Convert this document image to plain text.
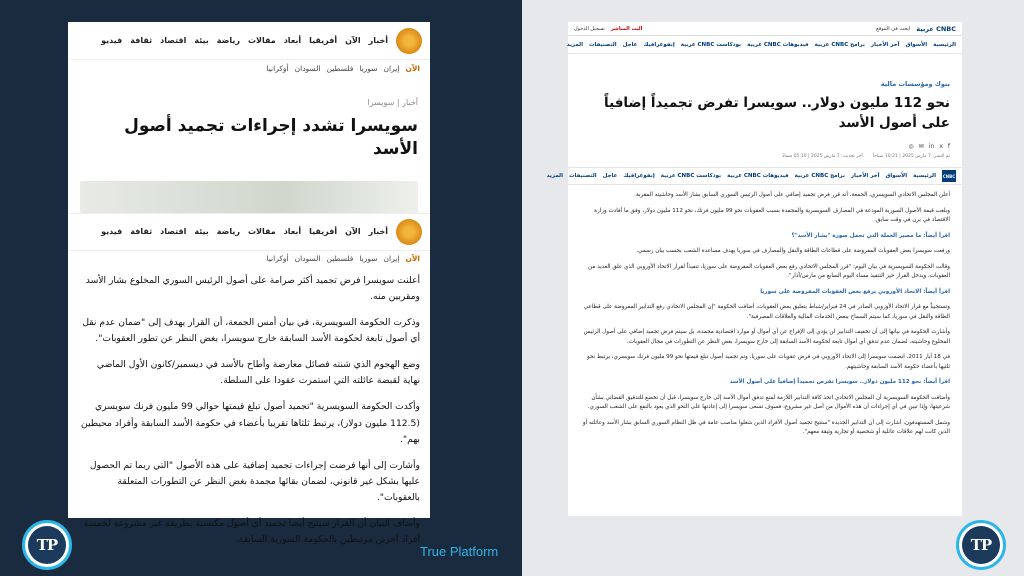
أخبار
الآن
أفريقيا
أبعاد
مقالات
رياضة
بيئة
اقتصاد
ثقافة
فيديو
الآن
إيران
سوريا
فلسطين
السودان
أوكرانيا
أخبار | سويسرا
سويسرا تشدد إجراءات تجميد أصول الأسد
أخبار
الآن
أفريقيا
أبعاد
مقالات
رياضة
بيئة
اقتصاد
ثقافة
فيديو
الآن
إيران
سوريا
فلسطين
السودان
أوكرانيا

أعلنت سويسرا فرض تجميد أكثر صرامة على أصول الرئيس السوري المخلوع بشار الأسد ومقربين منه.

وذكرت الحكومة السويسرية، في بيان أمس الجمعة، أن القرار يهدف إلى "ضمان عدم نقل أي أصول تابعة لحكومة الأسد السابقة خارج سويسرا، بغض النظر عن تطور العقوبات".

وضع الهجوم الذي شنته فصائل معارضة وأطاح بالأسد في ديسمبر/كانون الأول الماضي نهاية لقبضة عائلته التي استمرت عقودا على السلطة.

وأكدت الحكومة السويسرية "تجميد أصول تبلغ قيمتها حوالي 99 مليون فرنك سويسري (112.5 مليون دولار)، يرتبط ثلثاها تقريبا بأعضاء في حكومة الأسد السابقة وأفراد محيطين بهم".

وأشارت إلى أنها فرضت إجراءات تجميد إضافية على هذه الأصول "التي ربما تم الحصول عليها بشكل غير قانوني، لضمان بقائها مجمدة بغض النظر عن التطورات المتعلقة بالعقوبات".

وأضاف البيان أن القرار سيتيح أيضا تجميد أي أصول مكتسبة بطريقة غير مشروعة لخمسة أفراد آخرين مرتبطين بالحكومة السورية السابقة.

CNBC عربية
ابحث في الموقع
البث المباشر
تسجيل الدخول
الرئيسية
الأسواق
آخر الأخبار
برامج CNBC عربية
فيديوهات CNBC عربية
بودكاست CNBC عربية
إنفوغرافيك
عاجل
التصنيفات
المزيد
بنوك ومؤسسات مالية
نحو 112 مليون دولار.. سويسرا تفرض تجميداً إضافياً على أصول الأسد
f
x
in
✉
◎
تم النشر: 7 مارس 2025 | 10:21 صباحاً
آخر تحديث: 7 مارس 2025 | 05:10 مساءً
CNBC
الرئيسية
الأسواق
آخر الأخبار
برامج CNBC عربية
فيديوهات CNBC عربية
بودكاست CNBC عربية
إنفوغرافيك
عاجل
التصنيفات
المزيد

أعلن المجلس الاتحادي السويسري، الجمعة، أنه قرر فرض تجميد إضافي على أصول الرئيس السوري السابق بشار الأسد وحاشيته المقربة.

وبلغت قيمة الأصول السورية المودعة في المصارف السويسرية والمجمدة بسبب العقوبات نحو 99 مليون فرنك، نحو 112 مليون دولار، وفق ما أفادت وزارة الاقتصاد في برن في وقت سابق.

اقرأ أيضاً: ما مصير العملة التي تحمل صورة "بشار الأسد"؟

ورفعت سويسرا بعض العقوبات المفروضة على قطاعات الطاقة والنقل والمصارف في سوريا بهدف مساعدة الشعب بحسب بيان رسمي.

وقالت الحكومة السويسرية في بيان اليوم: "قرر المجلس الاتحادي رفع بعض العقوبات المفروضة على سوريا، تنفيذاً لقرار الاتحاد الأوروبي الذي علق العديد من العقوبات، ويدخل القرار حيز التنفيذ مساء اليوم السابع من مارس/آذار".

اقرأ أيضاً: الاتحاد الأوروبي يرفع بعض العقوبات المفروضة على سوريا

وتستجيباً مع قرار الاتحاد الأوروبي الصادر في 24 فبراير/شباط بتعليق بعض العقوبات، أضافت الحكومة "إن المجلس الاتحادي رفع التدابير المفروضة على قطاعي الطاقة والنقل في سوريا، كما سيتم السماح ببعض الخدمات المالية والعلاقات المصرفية".

وأشارت الحكومة في بيانها إلى أن تخفيف التدابير لن يؤدي إلى الإفراج عن أي أموال أو موارد اقتصادية مجمدة، بل سيتم فرض تجميد إضافي على أصول الرئيس المخلوع وحاشيته، لضمان عدم تدفق أي أموال تابعة لحكومة الأسد السابقة إلى خارج سويسرا، بغض النظر عن التطورات في مجال العقوبات.

في 18 أيار 2011، انضمت سويسرا إلى الاتحاد الأوروبي في فرض عقوبات على سوريا، وتم تجميد أصول تبلغ قيمتها نحو 99 مليون فرنك سويسري، يرتبط نحو ثلثيها بأعضاء حكومة الأسد السابقة وحاشيتهم.

اقرأ أيضاً: نحو 112 مليون دولار.. سويسرا تفرض تجميداً إضافياً على أصول الأسد

وأضافت الحكومة السويسرية أن المجلس الاتحادي اتخذ كافة التدابير اللازمة لمنع تدفق أموال الأسد إلى خارج سويسرا، قبل أن تخضع للتدقيق القضائي بشأن شرعيتها، وإذا تبين في أي إجراءات أن هذه الأموال من أصل غير مشروع، فسوف تسعى سويسرا إلى إعادتها على النحو الذي يعود بالنفع على الشعب السوري.

وشمل المستهدفون، أشارت إلى أن التدابير الجديدة "ستتيح تجميد أصول الأفراد الذين شغلوا مناصب عامة في ظل النظام السوري السابق بشار الأسد وعائلته أو الذين كانت لهم علاقات عائلية أو شخصية أو تجارية وثيقة معهم".

TP	TP
True Platform
